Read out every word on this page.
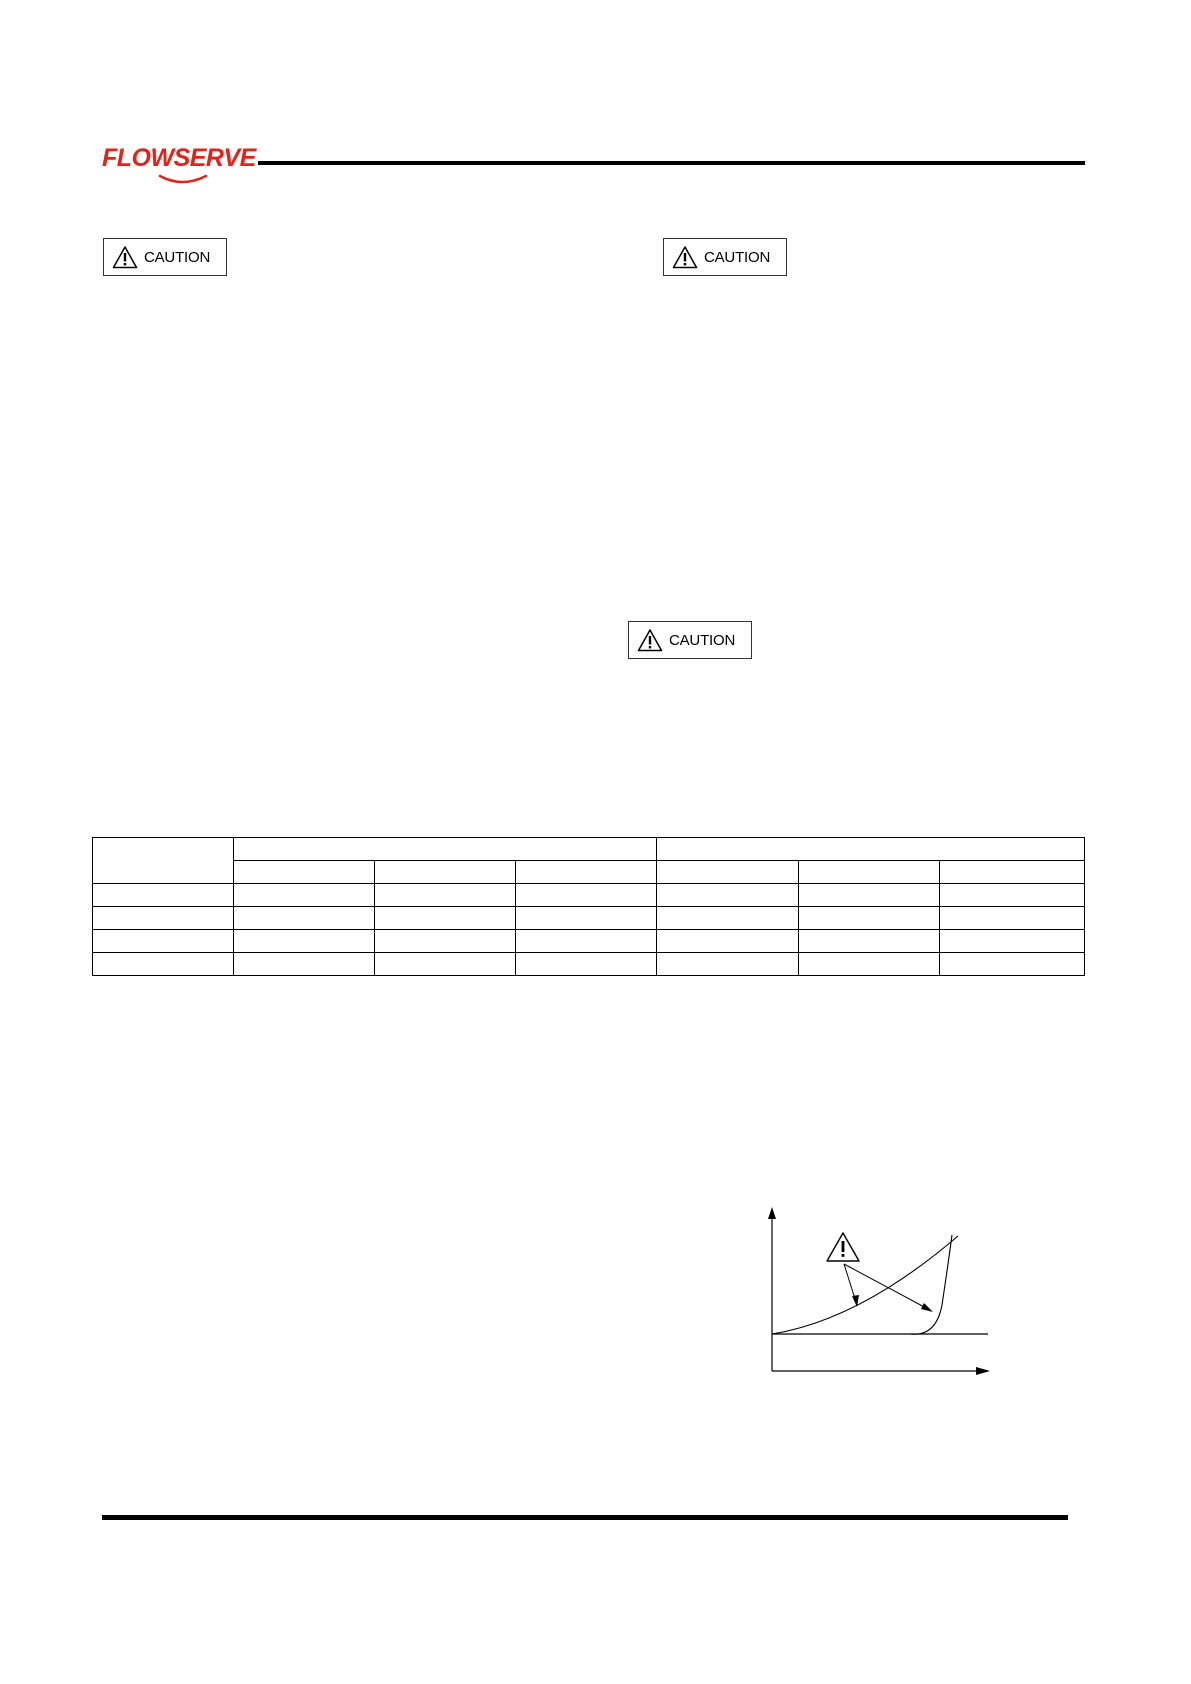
FLOWSERVE
CAUTION	CAUTION
CAUTION
